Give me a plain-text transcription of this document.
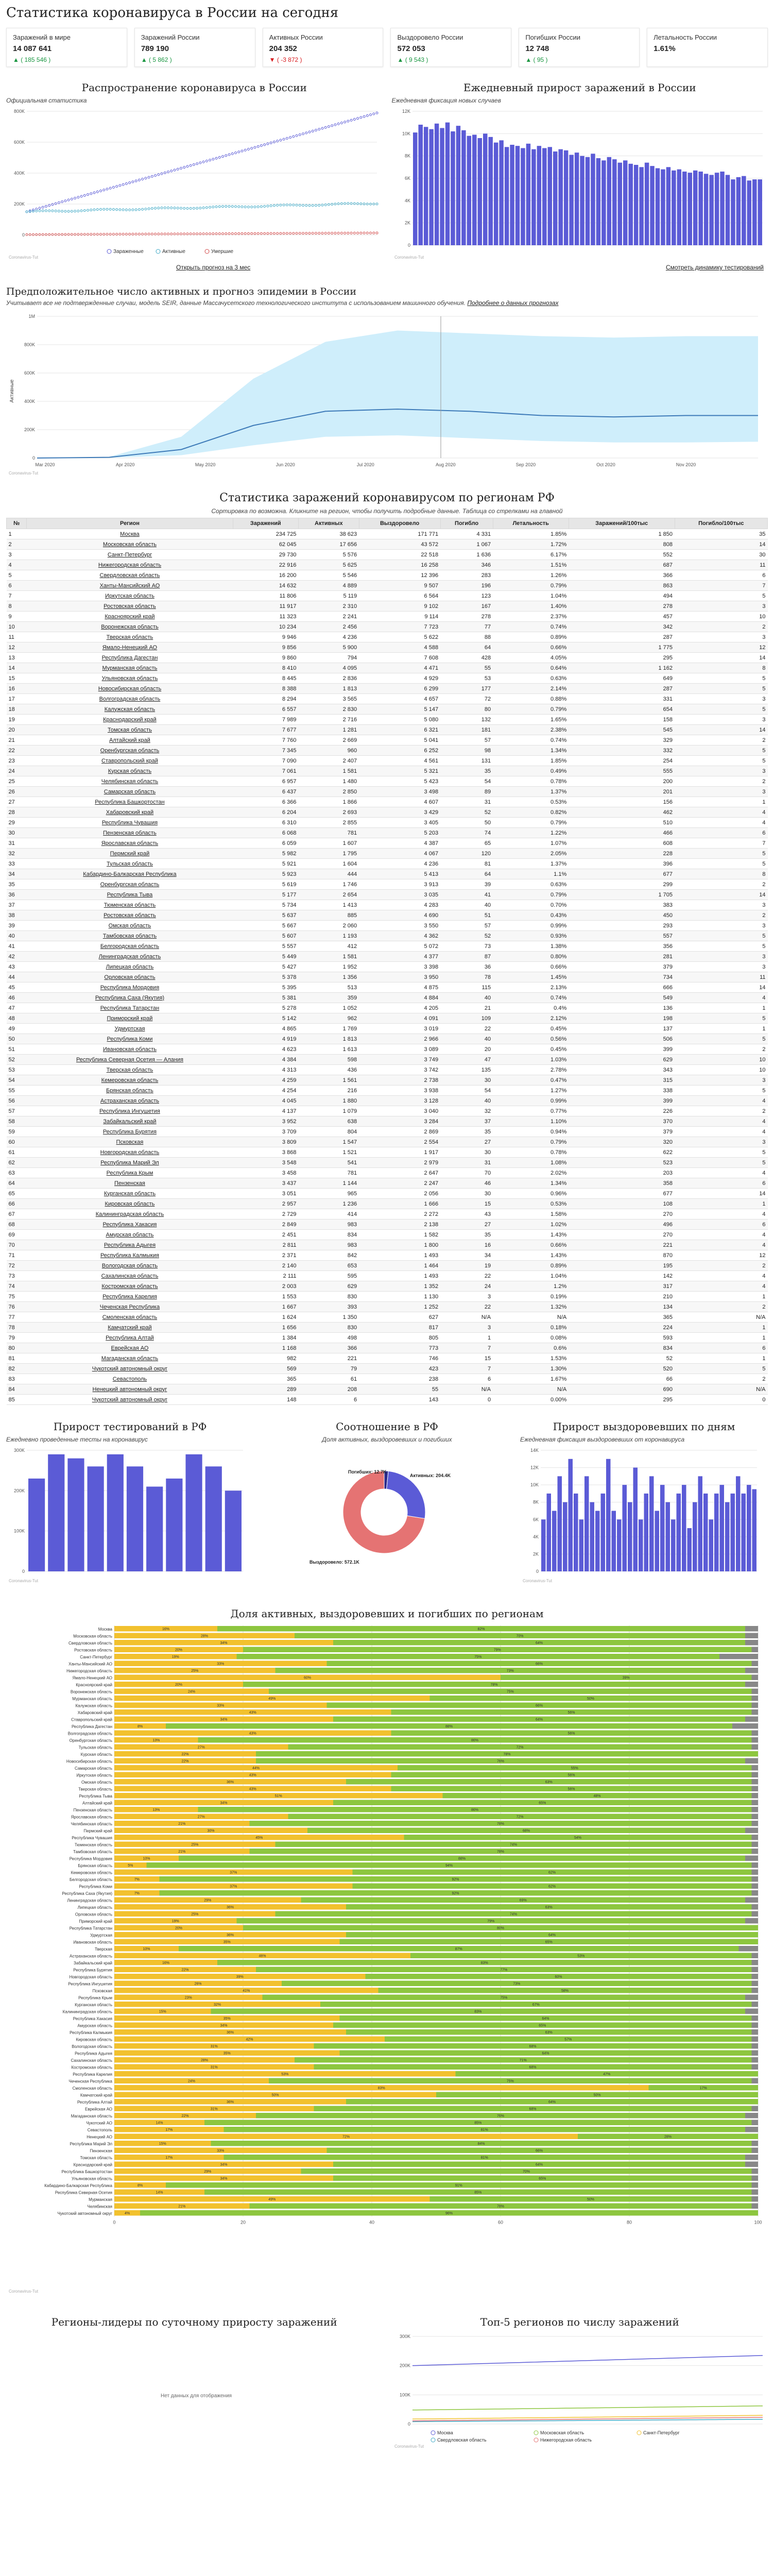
Статистика коронавируса в России на сегодня
Заражений в мире
14 087 641
▲ ( 185 546 )
Заражений России
789 190
▲ ( 5 862 )
Активных России
204 352
▼ ( -3 872 )
Выздоровело России
572 053
▲ ( 9 543 )
Погибших России
12 748
▲ ( 95 )
Летальность России
1.61%
Распространение коронавируса в России
Официальная статистика
0
200K
400K
600K
800K
Зараженные	Активные	Умершие
Coronavirus-Tut
Открыть прогноз на 3 мес
Ежедневный прирост заражений в России
Ежедневная фиксация новых случаев
0
2K
4K
6K
8K
10K
12K
Coronavirus-Tut
Смотреть динамику тестирований
Предположительное число активных и прогноз эпидемии в России
Учитывает все не подтвержденные случаи, модель SEIR, данные Массачусетского технологического института с использованием машинного обучения. Подробнее о данных прогнозах
0
200K
400K
600K
800K
1M
Mar 2020	Apr 2020	May 2020	Jun 2020	Jul 2020	Aug 2020	Sep 2020	Oct 2020	Nov 2020
Активные
Coronavirus-Tut
Статистика заражений коронавирусом по регионам РФ
Сортировка по возможна. Кликните на регион, чтобы получить подробные данные. Таблица со стрелками на главной
№	Регион	Заражений	Активных	Выздоровело	Погибло	Летальность	Заражений/100тыс	Погибло/100тыс
1	Москва	234 725	38 623	171 771	4 331	1.85%	1 850	35
2	Московская область	62 045	17 656	43 572	1 067	1.72%	808	14
3	Санкт-Петербург	29 730	5 576	22 518	1 636	6.17%	552	30
4	Нижегородская область	22 916	5 625	16 258	346	1.51%	687	11
5	Свердловская область	16 200	5 546	12 396	283	1.26%	366	6
6	Ханты-Мансийский АО	14 632	4 889	9 507	196	0.79%	863	7
7	Иркутская область	11 806	5 119	6 564	123	1.04%	494	5
8	Ростовская область	11 917	2 310	9 102	167	1.40%	278	3
9	Красноярский край	11 323	2 241	9 114	278	2.37%	457	10
10	Воронежская область	10 234	2 456	7 723	77	0.74%	342	2
11	Тверская область	9 946	4 236	5 622	88	0.89%	287	3
12	Ямало-Ненецкий АО	9 856	5 900	4 588	64	0.66%	1 775	12
13	Республика Дагестан	9 860	794	7 608	428	4.05%	295	14
14	Мурманская область	8 410	4 095	4 471	55	0.64%	1 162	8
15	Ульяновская область	8 445	2 836	4 929	53	0.63%	649	5
16	Новосибирская область	8 388	1 813	6 299	177	2.14%	287	5
17	Волгоградская область	8 294	3 565	4 657	72	0.88%	331	3
18	Калужская область	6 557	2 830	5 147	80	0.79%	654	5
19	Краснодарский край	7 989	2 716	5 080	132	1.65%	158	3
20	Томская область	7 677	1 281	6 321	181	2.38%	545	14
21	Алтайский край	7 760	2 669	5 041	57	0.74%	329	2
22	Оренбургская область	7 345	960	6 252	98	1.34%	332	5
23	Ставропольский край	7 090	2 407	4 561	131	1.85%	254	5
24	Курская область	7 061	1 581	5 321	35	0.49%	555	3
25	Челябинская область	6 957	1 480	5 423	54	0.78%	200	2
26	Самарская область	6 437	2 850	3 498	89	1.37%	201	3
27	Республика Башкортостан	6 366	1 866	4 607	31	0.53%	156	1
28	Хабаровский край	6 204	2 693	3 429	52	0.82%	462	4
29	Республика Чувашия	6 310	2 855	3 405	50	0.79%	510	4
30	Пензенская область	6 068	781	5 203	74	1.22%	466	6
31	Ярославская область	6 059	1 607	4 387	65	1.07%	608	7
32	Пермский край	5 982	1 795	4 067	120	2.05%	228	5
33	Тульская область	5 921	1 604	4 236	81	1.37%	396	5
34	Кабардино-Балкарская Республика	5 923	444	5 413	64	1.1%	677	8
35	Оренбургская область	5 619	1 746	3 913	39	0.63%	299	2
36	Республика Тыва	5 177	2 654	3 035	41	0.79%	1 705	14
37	Тюменская область	5 734	1 413	4 283	40	0.70%	383	3
38	Ростовская область	5 637	885	4 690	51	0.43%	450	2
39	Омская область	5 667	2 060	3 550	57	0.99%	293	3
40	Тамбовская область	5 607	1 193	4 362	52	0.93%	557	5
41	Белгородская область	5 557	412	5 072	73	1.38%	356	5
42	Ленинградская область	5 449	1 581	4 377	87	0.80%	281	3
43	Липецкая область	5 427	1 952	3 398	36	0.66%	379	3
44	Орловская область	5 378	1 356	3 950	78	1.45%	734	11
45	Республика Мордовия	5 395	513	4 875	115	2.13%	666	14
46	Республика Саха (Якутия)	5 381	359	4 884	40	0.74%	549	4
47	Республика Татарстан	5 278	1 052	4 205	21	0.4%	136	1
48	Приморский край	5 142	962	4 091	109	2.12%	198	5
49	Удмуртская	4 865	1 769	3 019	22	0.45%	137	1
50	Республика Коми	4 919	1 813	2 966	40	0.56%	506	5
51	Ивановская область	4 623	1 613	3 089	20	0.45%	399	2
52	Республика Северная Осетия — Алания	4 384	598	3 749	47	1.03%	629	10
53	Тверская область	4 313	436	3 742	135	2.78%	343	10
54	Кемеровская область	4 259	1 561	2 738	30	0.47%	315	3
55	Брянская область	4 254	216	3 938	54	1.27%	338	5
56	Астраханская область	4 045	1 880	3 128	40	0.99%	399	4
57	Республика Ингушетия	4 137	1 079	3 040	32	0.77%	226	2
58	Забайкальский край	3 952	638	3 284	37	1.10%	370	4
59	Республика Бурятия	3 709	804	2 869	35	0.94%	379	4
60	Псковская	3 809	1 547	2 554	27	0.79%	320	3
61	Новгородская область	3 868	1 521	1 917	30	0.78%	622	5
62	Республика Марий Эл	3 548	541	2 979	31	1.08%	523	5
63	Республика Крым	3 458	781	2 647	70	2.02%	203	4
64	Пензенская	3 437	1 144	2 247	46	1.34%	358	6
65	Курганская область	3 051	965	2 056	30	0.96%	677	14
66	Кировская область	2 957	1 236	1 666	15	0.53%	108	1
67	Калининградская область	2 729	414	2 272	43	1.58%	270	4
68	Республика Хакасия	2 849	983	2 138	27	1.02%	496	6
69	Амурская область	2 451	834	1 582	35	1.43%	270	4
70	Республика Адыгея	2 811	983	1 800	16	0.66%	221	4
71	Республика Калмыкия	2 371	842	1 493	34	1.43%	870	12
72	Вологодская область	2 140	653	1 464	19	0.89%	195	2
73	Сахалинская область	2 111	595	1 493	22	1.04%	142	4
74	Костромская область	2 003	629	1 352	24	1.2%	317	4
75	Республика Карелия	1 553	830	1 130	3	0.19%	210	1
76	Чеченская Республика	1 667	393	1 252	22	1.32%	134	2
77	Смоленская область	1 624	1 350	627	N/A	N/A	365	N/A
78	Камчатский край	1 656	830	817	3	0.18%	224	1
79	Республика Алтай	1 384	498	805	1	0.08%	593	1
80	Еврейская АО	1 168	366	773	7	0.6%	834	6
81	Магаданская область	982	221	746	15	1.53%	52	1
82	Чукотский автономный округ	569	79	423	7	1.30%	520	5
83	Севастополь	365	61	238	6	1.67%	66	2
84	Ненецкий автономный округ	289	208	55	N/A	N/A	690	N/A
85	Чукотский автономный округ	148	6	143	0	0.00%	295	0
Прирост тестирований в РФ
Ежедневно проведенные тесты на коронавирус
0
100K
200K
300K
Coronavirus-Tut
Соотношение в РФ
Доля активных, выздоровевших и погибших
Погибших: 12.7K
Активных: 204.4K
Выздоровело: 572.1K
Прирост выздоровевших по дням
Ежедневная фиксация выздоровевших от коронавируса
0
2K
4K
6K
8K
10K
12K
14K
Coronavirus-Tut
Доля активных, выздоровевших и погибших по регионам
0	20	40	60	80	100
Москва	16%	82%
Московская область	28%	70%
Свердловская область	34%	64%
Ростовская область	20%	79%
Санкт-Петербург	19%	75%
Ханты-Мансийский АО	33%	66%
Нижегородская область	25%	73%
Ямало-Ненецкий АО	60%	39%
Красноярский край	20%	78%
Воронежская область	24%	75%
Мурманская область	49%	50%
Калужская область	33%	66%
Хабаровский край	43%	56%
Ставропольский край	34%	64%
Республика Дагестан	8%	88%
Волгоградская область	43%	56%
Оренбургская область	13%	86%
Тульская область	27%	72%
Курская область	22%	78%
Новосибирская область	22%	76%
Самарская область	44%	55%
Иркутская область	43%	56%
Омская область	36%	63%
Тверская область	43%	56%
Республика Тыва	51%	48%
Алтайский край	34%	65%
Пензенская область	13%	86%
Ярославская область	27%	72%
Челябинская область	21%	78%
Пермский край	30%	68%
Республика Чувашия	45%	54%
Тюменская область	25%	74%
Тамбовская область	21%	78%
Республика Мордовия	10%	88%
Брянская область	5%	94%
Кемеровская область	37%	62%
Белгородская область	7%	92%
Республика Коми	37%	62%
Республика Саха (Якутия)	7%	92%
Ленинградская область	29%	69%
Липецкая область	36%	63%
Орловская область	25%	74%
Приморский край	19%	79%
Республика Татарстан	20%	80%
Удмуртская	36%	64%
Ивановская область	35%	65%
Тверская	10%	87%
Астраханская область	46%	53%
Забайкальский край	16%	83%
Республика Бурятия	22%	77%
Новгородская область	39%	60%
Республика Ингушетия	26%	73%
Псковская	41%	58%
Республика Крым	23%	75%
Курганская область	32%	67%
Калининградская область	15%	83%
Республика Хакасия	35%	64%
Амурская область	34%	65%
Республика Калмыкия	36%	63%
Кировская область	42%	57%
Вологодская область	31%	68%
Республика Адыгея	35%	64%
Сахалинская область	28%	71%
Костромская область	31%	68%
Республика Карелия	53%	47%
Чеченская Республика	24%	75%
Смоленская область	83%	17%
Камчатский край	50%	50%
Республика Алтай	36%	64%
Еврейская АО	31%	68%
Магаданская область	22%	76%
Чукотский АО	14%	85%
Севастополь	17%	81%
Ненецкий АО	72%	28%
Республика Марий Эл	15%	84%
Пензенская	33%	66%
Томская область	17%	81%
Краснодарский край	34%	64%
Республика Башкортостан	29%	70%
Ульяновская область	34%	65%
Кабардино-Балкарская Республика	8%	91%
Республика Северная Осетия	14%	85%
Мурманская	49%	50%
Челябинская	21%	78%
Чукотский автономный округ	4%	96%
Coronavirus-Tut
Регионы-лидеры по суточному приросту заражений
Нет данных для отображения
Топ-5 регионов по числу заражений
0
100K
200K
300K
Москва	Московская область	Санкт-Петербург
Свердловская область	Нижегородская область
Coronavirus-Tut
